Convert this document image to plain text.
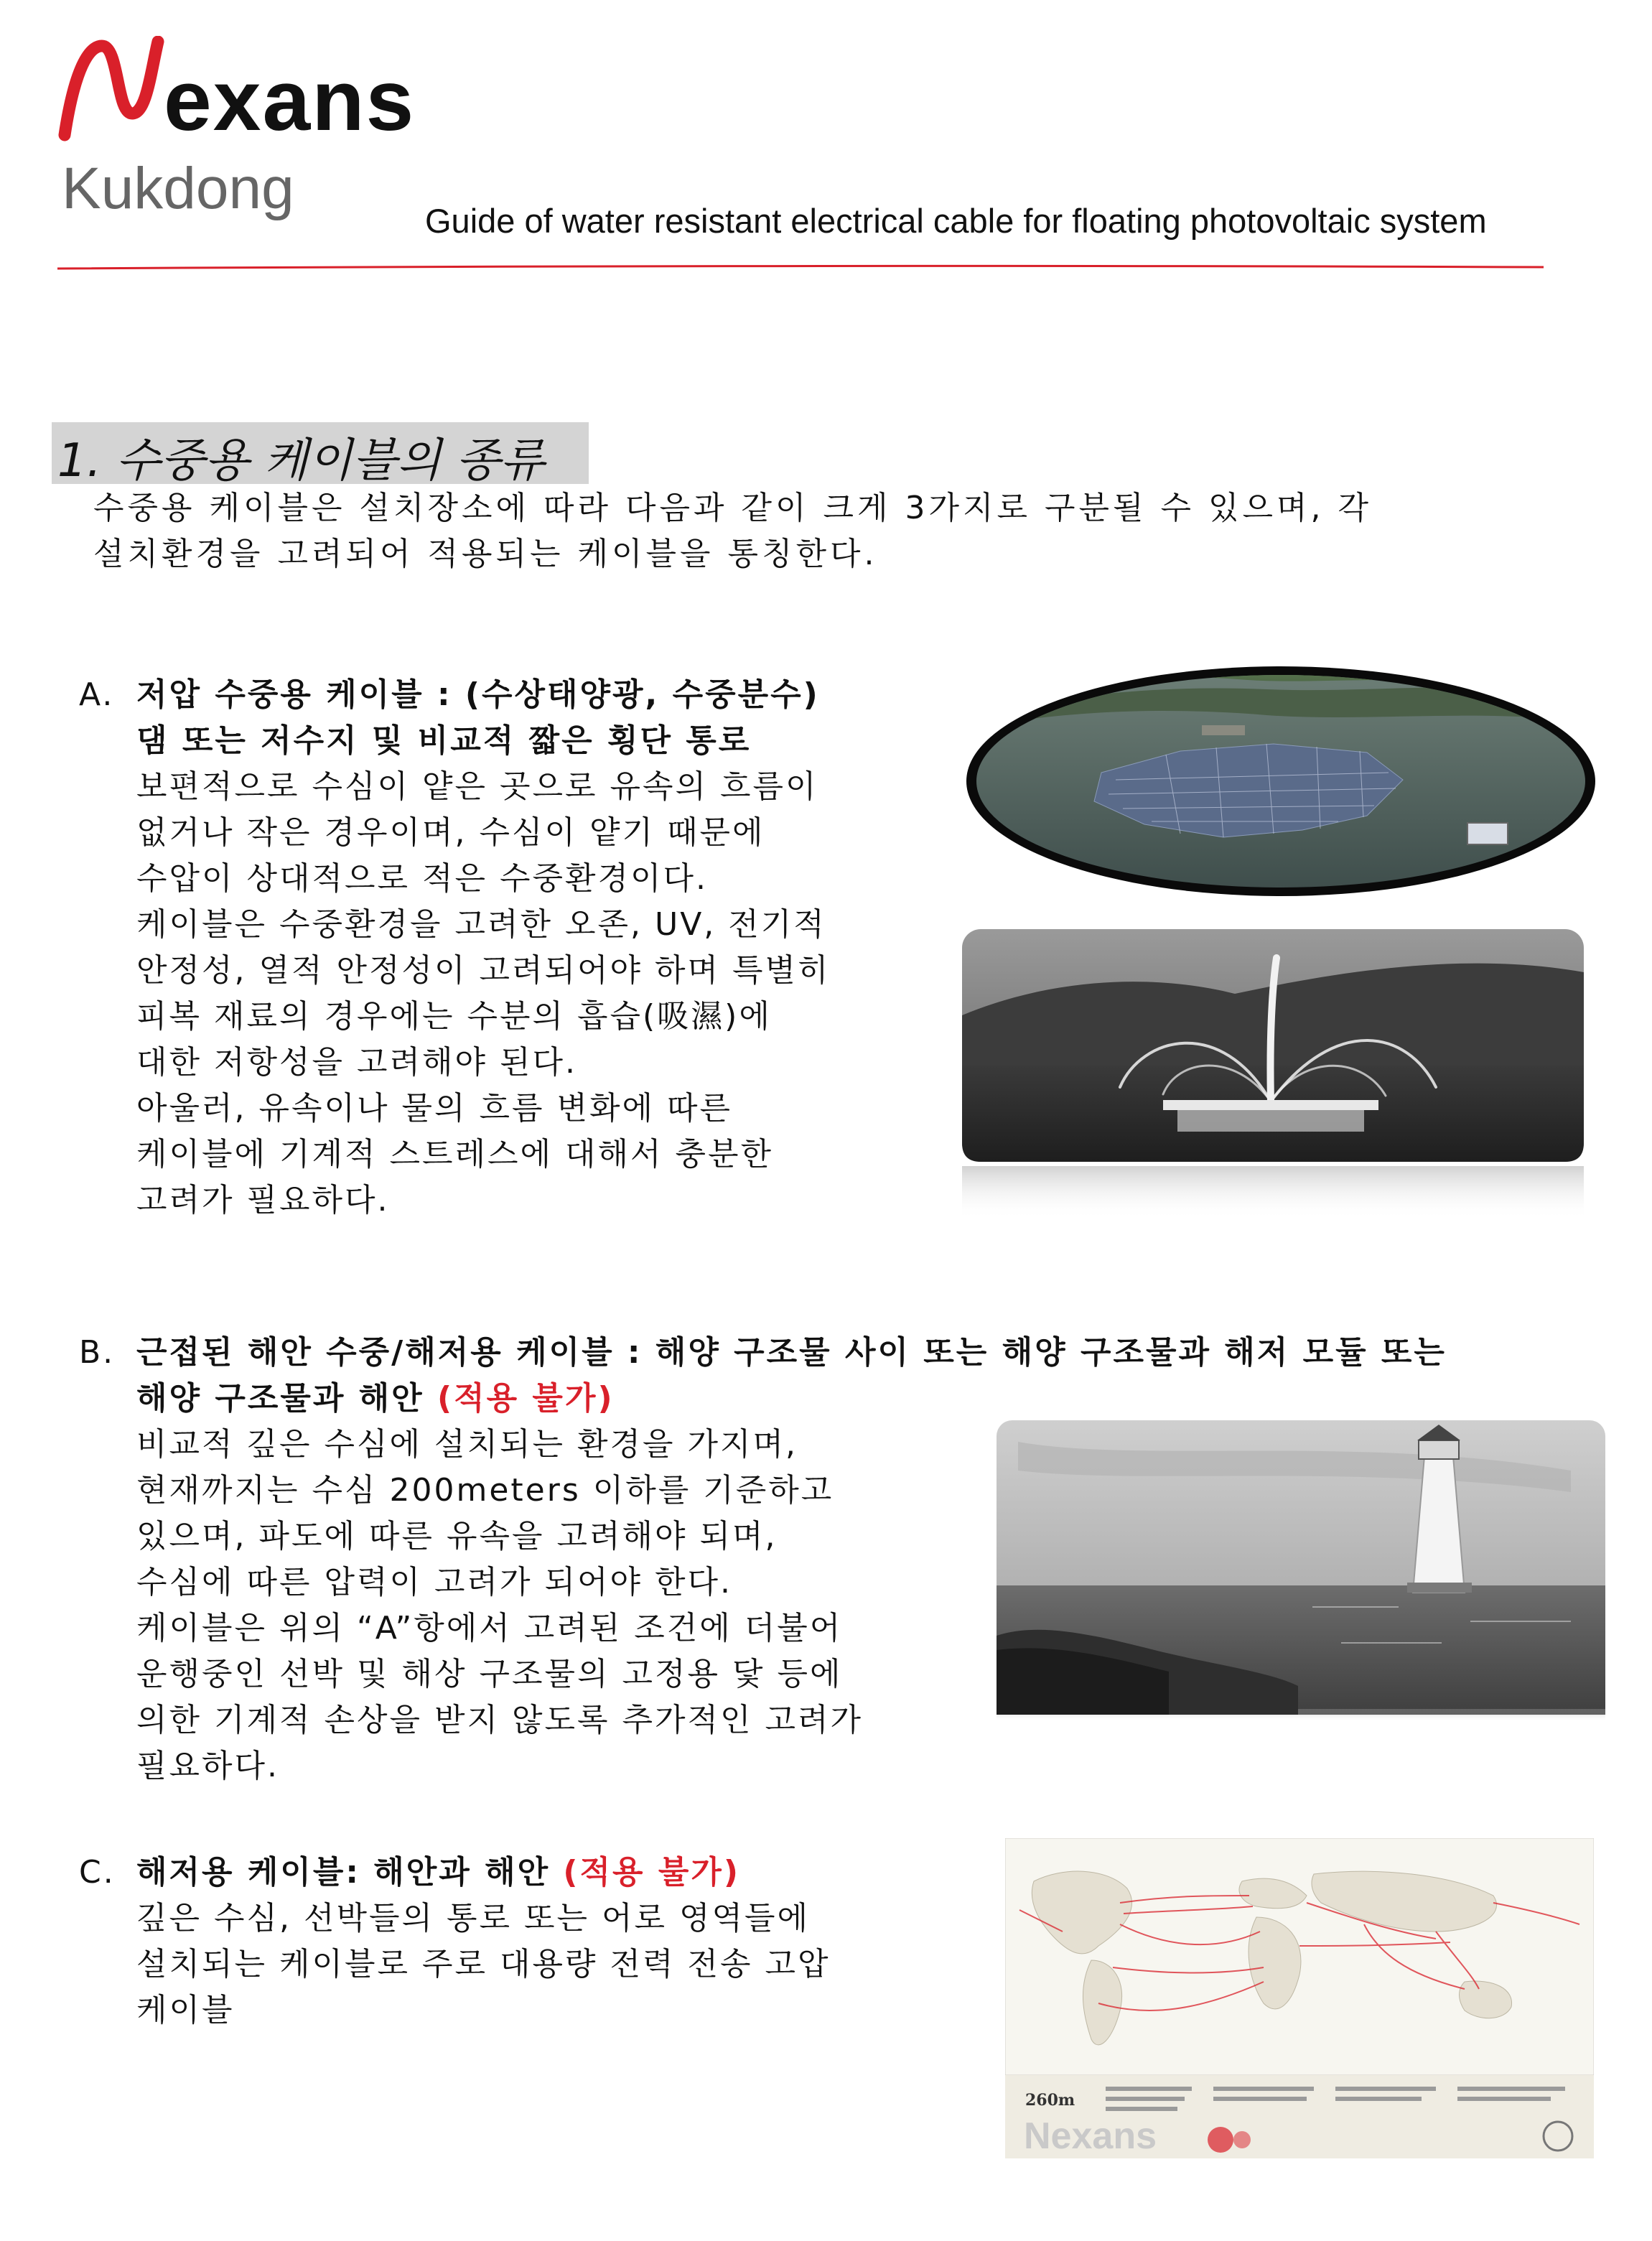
exans
Kukdong	Guide of water resistant electrical cable for floating photovoltaic system
1. 수중용 케이블의 종류
수중용 케이블은 설치장소에 따라 다음과 같이 크게 3가지로 구분될 수 있으며, 각
설치환경을 고려되어 적용되는 케이블을 통칭한다.
A. 저압 수중용 케이블 : (수상태양광, 수중분수)
댐 또는 저수지 및 비교적 짧은 횡단 통로
보편적으로 수심이 얕은 곳으로 유속의 흐름이
없거나 작은 경우이며, 수심이 얕기 때문에
수압이 상대적으로 적은 수중환경이다.
케이블은 수중환경을 고려한 오존, UV, 전기적
안정성, 열적 안정성이 고려되어야 하며 특별히
피복 재료의 경우에는 수분의 흡습(吸濕)에
대한 저항성을 고려해야 된다.
아울러, 유속이나 물의 흐름 변화에 따른
케이블에 기계적 스트레스에 대해서 충분한
고려가 필요하다.
B. 근접된 해안 수중/해저용 케이블 : 해양 구조물 사이 또는 해양 구조물과 해저 모듈 또는
해양 구조물과 해안 (적용 불가)
비교적 깊은 수심에 설치되는 환경을 가지며,
현재까지는 수심 200meters 이하를 기준하고
있으며, 파도에 따른 유속을 고려해야 되며,
수심에 따른 압력이 고려가 되어야 한다.
케이블은 위의 “A”항에서 고려된 조건에 더불어
운행중인 선박 및 해상 구조물의 고정용 닻 등에
의한 기계적 손상을 받지 않도록 추가적인 고려가
필요하다.
C. 해저용 케이블: 해안과 해안 (적용 불가)
깊은 수심, 선박들의 통로 또는 어로 영역들에
설치되는 케이블로 주로 대용량 전력 전송 고압
케이블
260m
Nexans
